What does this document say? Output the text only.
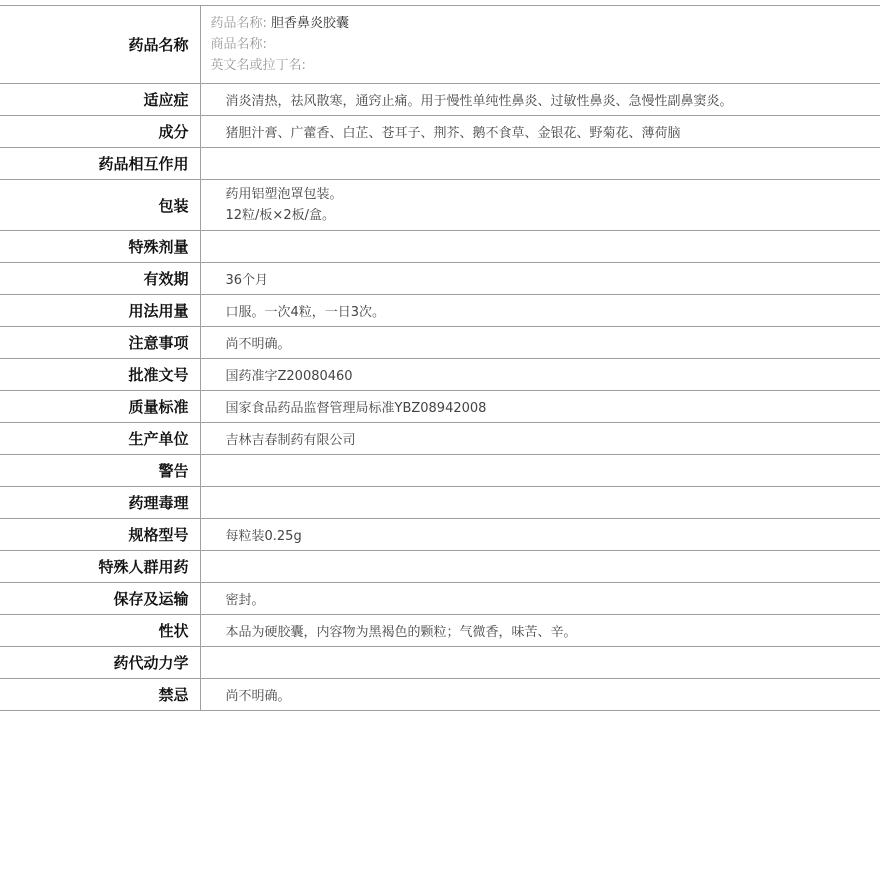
药品名称	药品名称: 胆香鼻炎胶囊
商品名称:
英文名或拉丁名:

适应症	消炎清热，祛风散寒，通窍止痛。用于慢性单纯性鼻炎、过敏性鼻炎、急慢性副鼻窦炎。
成分	猪胆汁膏、广藿香、白芷、苍耳子、荆芥、鹅不食草、金银花、野菊花、薄荷脑
药品相互作用	
包装	药用铝塑泡罩包装。
12粒/板×2板/盒。

特殊剂量	
有效期	36个月
用法用量	口服。一次4粒，一日3次。
注意事项	尚不明确。
批准文号	国药准字Z20080460
质量标准	国家食品药品监督管理局标准YBZ08942008
生产单位	吉林吉春制药有限公司
警告	
药理毒理	
规格型号	每粒装0.25g
特殊人群用药	
保存及运输	密封。
性状	本品为硬胶囊，内容物为黑褐色的颗粒；气微香，味苦、辛。
药代动力学	
禁忌	尚不明确。
